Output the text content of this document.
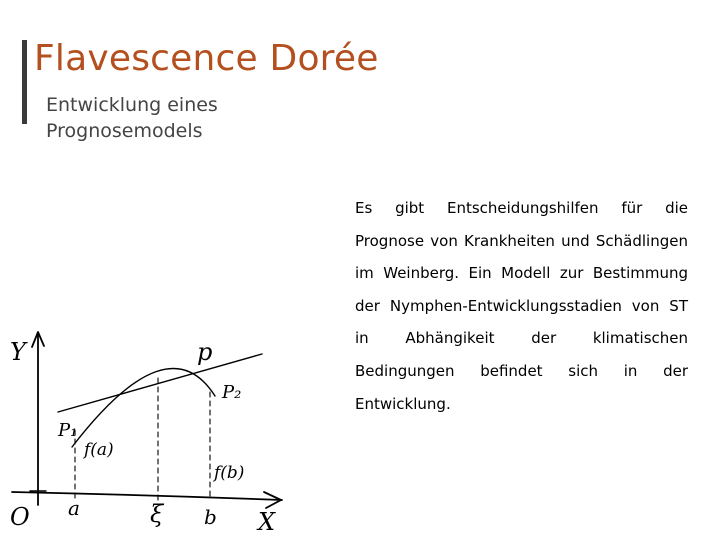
Flavescence Dorée

Entwicklung eines Prognosemodels

Es gibt Entscheidungshilfen für die Prognose von Krankheiten und Schädlingen im Weinberg. Ein Modell zur Bestimmung der Nymphen-Entwicklungsstadien von ST in Abhängikeit der klimatischen Bedingungen befindet sich in der Entwicklung.

Y
X
O a	ξ b
p
P₁
P₂
f(a)
f(b)
